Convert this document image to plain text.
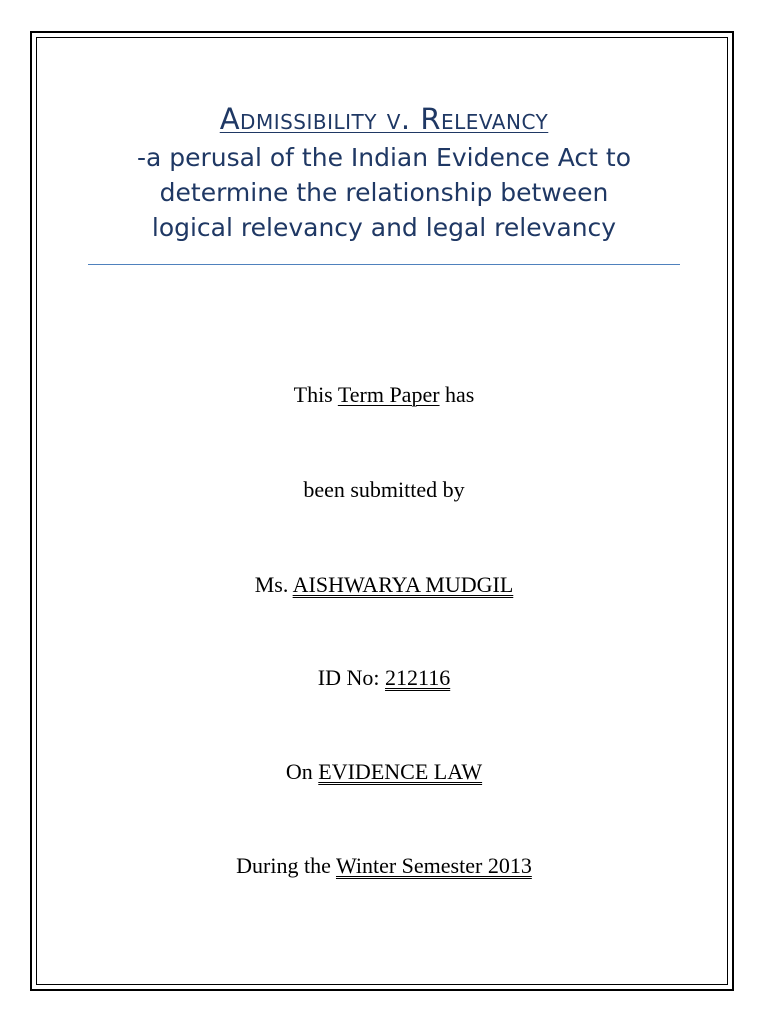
Admissibility v. Relevancy
-a perusal of the Indian Evidence Act to
determine the relationship between
logical relevancy and legal relevancy
This Term Paper has
been submitted by
Ms. AISHWARYA MUDGIL
ID No: 212116
On EVIDENCE LAW
During the Winter Semester 2013
